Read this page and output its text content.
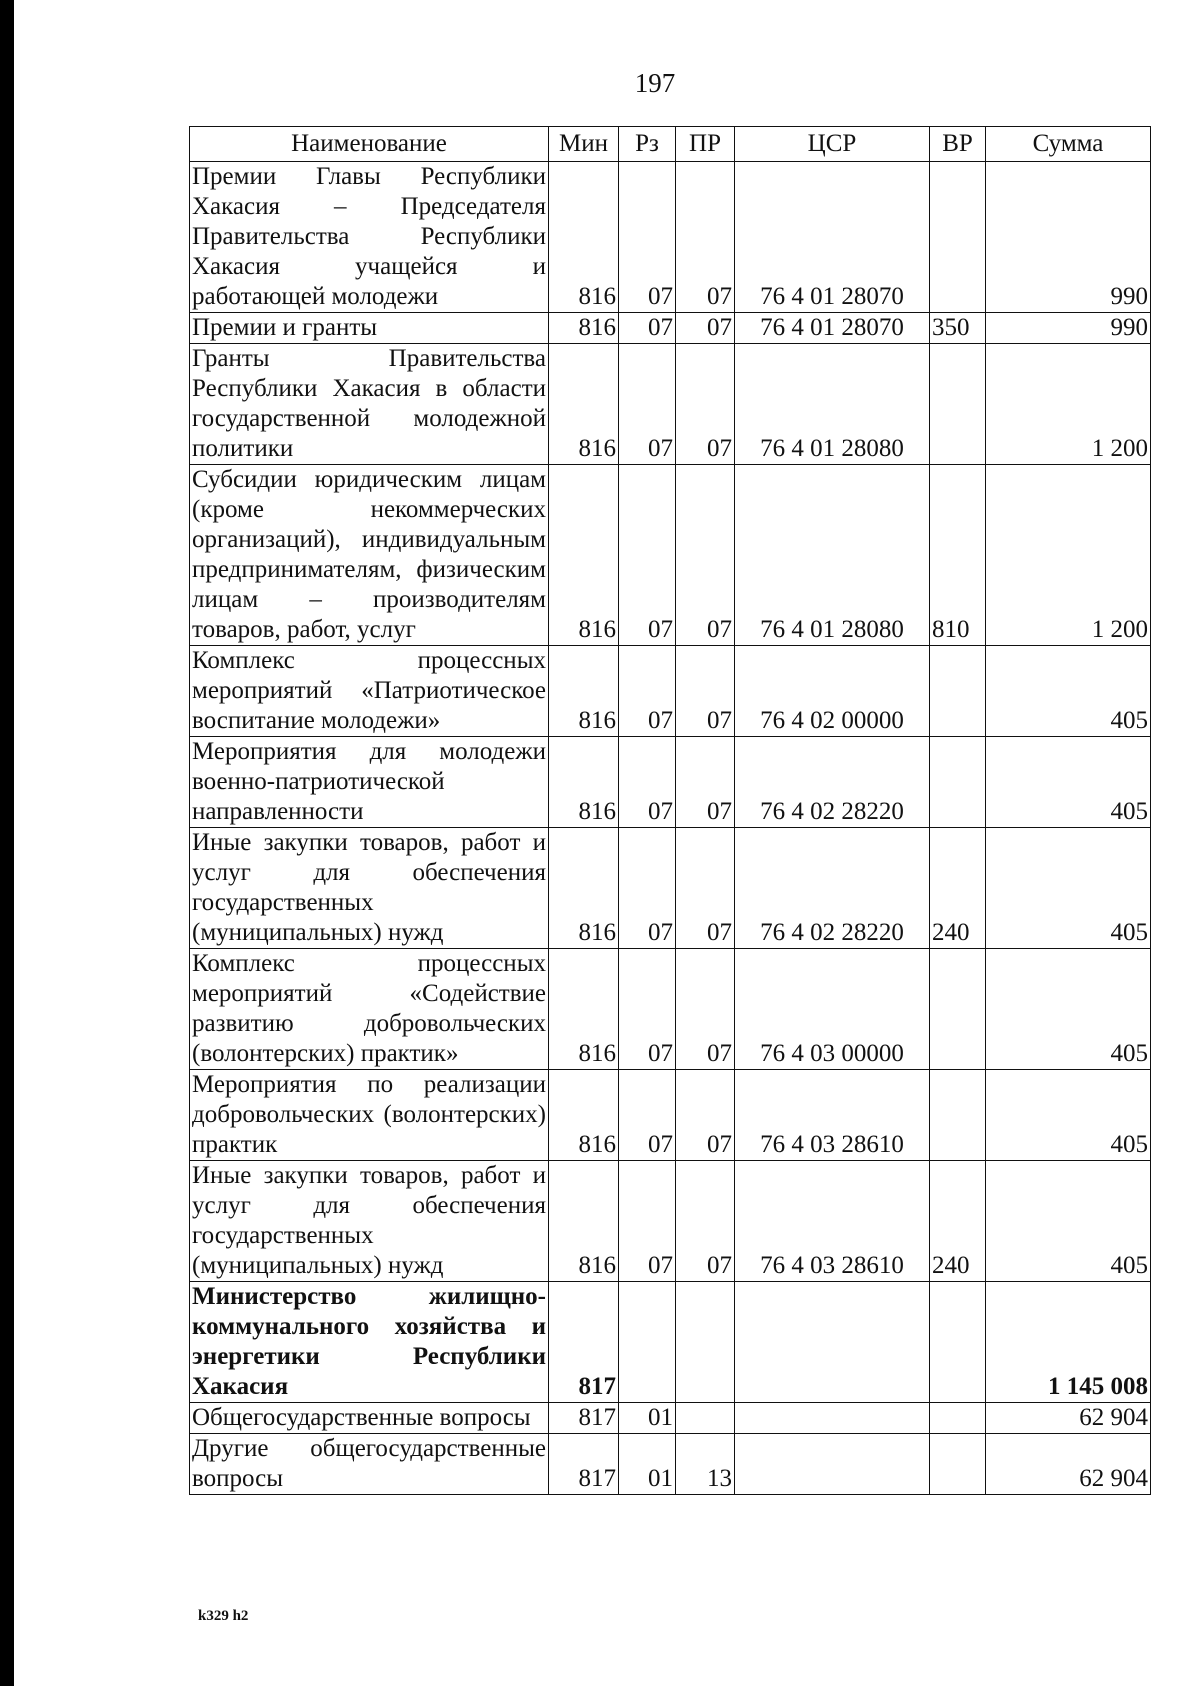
197
Наименование	Мин	Рз	ПР	ЦСР	ВР	Сумма
Премии Главы Республики Хакасия – Председателя Правительства Республики Хакасия учащейся и работающей молодежи	816	07	07	76 4 01 28070		990
Премии и гранты	816	07	07	76 4 01 28070	350	990
Гранты Правительства Республики Хакасия в области государственной молодежной политики	816	07	07	76 4 01 28080		1 200
Субсидии юридическим лицам (кроме некоммерческих организаций), индивидуальным предпринимателям, физическим лицам – производителям товаров, работ, услуг	816	07	07	76 4 01 28080	810	1 200
Комплекс процессных мероприятий «Патриотическое воспитание молодежи»	816	07	07	76 4 02 00000		405
Мероприятия для молодежи военно-патриотической направленности	816	07	07	76 4 02 28220		405
Иные закупки товаров, работ и услуг для обеспечения государственных (муниципальных) нужд	816	07	07	76 4 02 28220	240	405
Комплекс процессных мероприятий «Содействие развитию добровольческих (волонтерских) практик»	816	07	07	76 4 03 00000		405
Мероприятия по реализации добровольческих (волонтерских) практик	816	07	07	76 4 03 28610		405
Иные закупки товаров, работ и услуг для обеспечения государственных (муниципальных) нужд	816	07	07	76 4 03 28610	240	405
Министерство жилищно-коммунального хозяйства и энергетики Республики Хакасия	817					1 145 008
Общегосударственные вопросы	817	01				62 904
Другие общегосударственные вопросы	817	01	13			62 904
k329 h2
